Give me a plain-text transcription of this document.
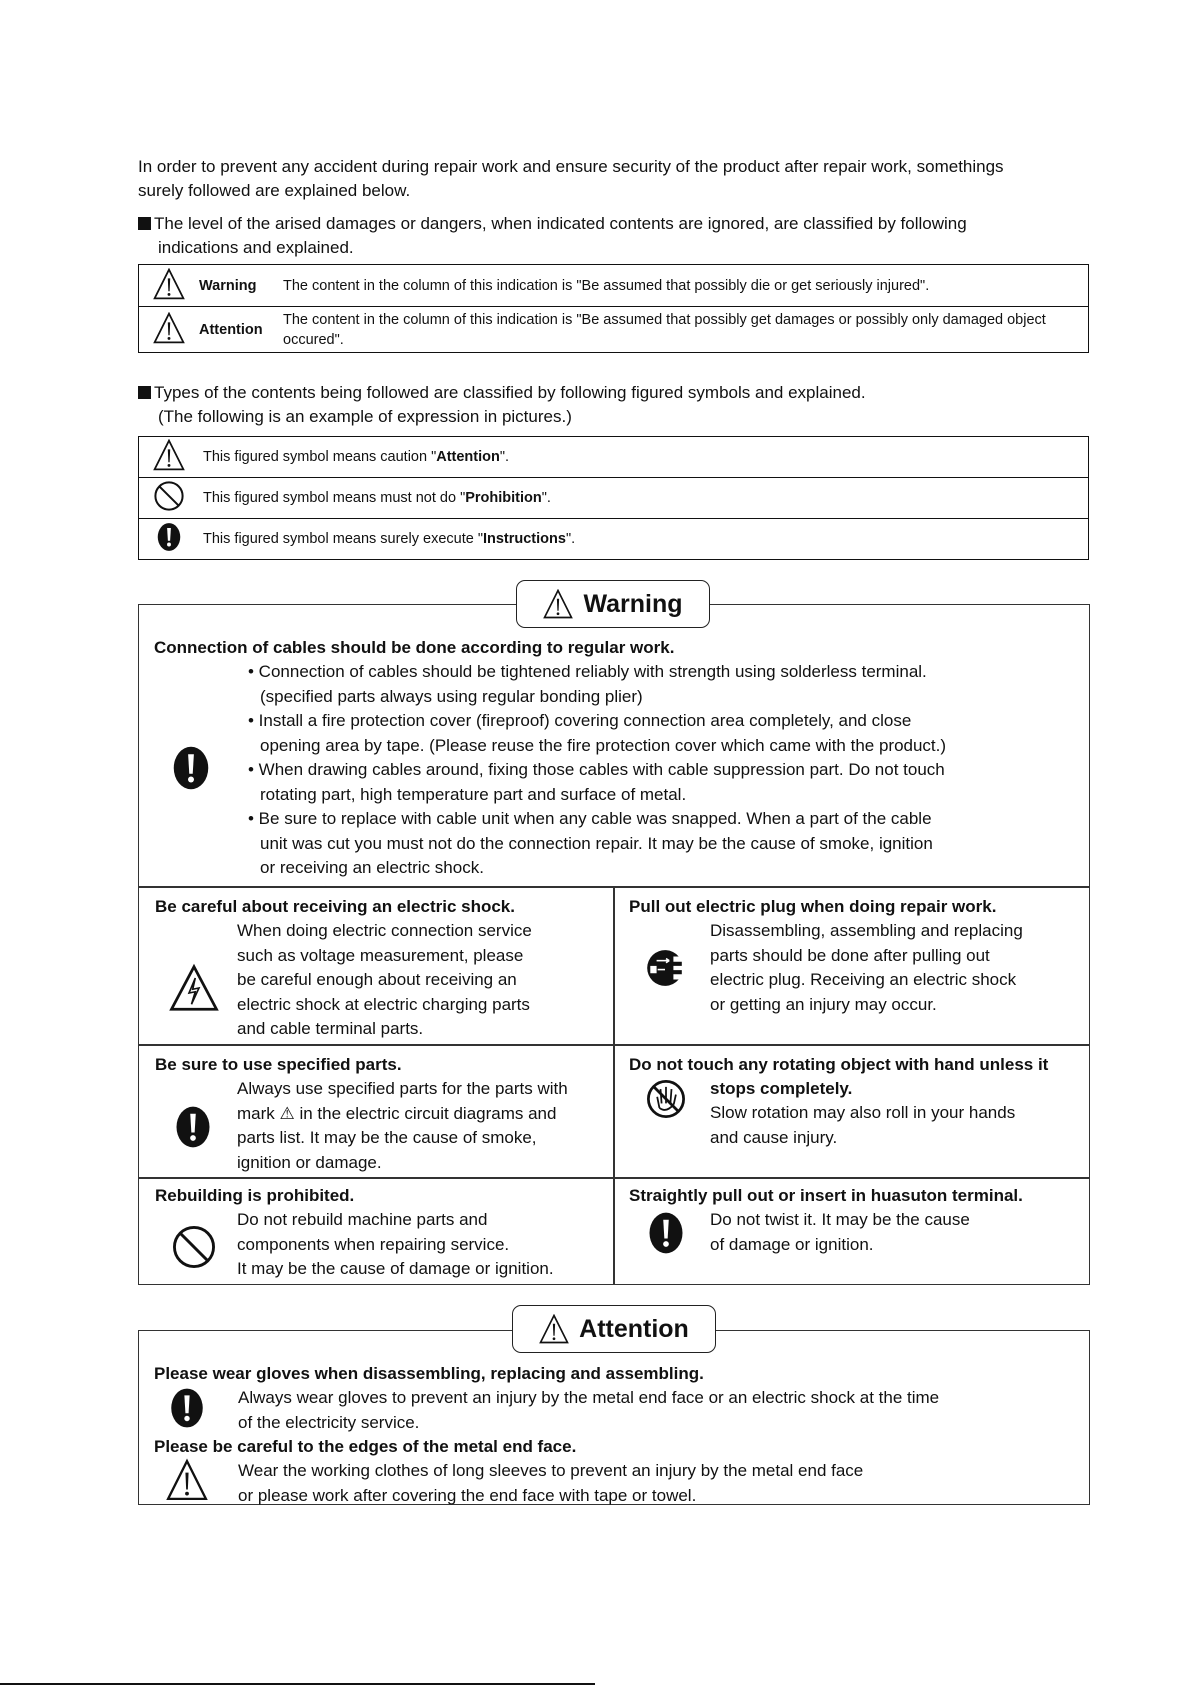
In order to prevent any accident during repair work and ensure security of the product after repair work, somethings
surely followed are explained below.
The level of the arised damages or dangers, when indicated contents are ignored, are classified by following
indications and explained.
	Warning	The content in the column of this indication is "Be assumed that possibly die or get seriously injured".
	Attention	The content in the column of this indication is "Be assumed that possibly get damages or possibly only damaged object occured".
Types of the contents being followed are classified by following figured symbols and explained.
(The following is an example of expression in pictures.)
	This figured symbol means caution "Attention".
	This figured symbol means must not do "Prohibition".
	This figured symbol means surely execute "Instructions".
Warning
Connection of cables should be done according to regular work.
• Connection of cables should be tightened reliably with strength using solderless terminal.
(specified parts always using regular bonding plier)
• Install a fire protection cover (fireproof) covering connection area completely, and close
opening area by tape. (Please reuse the fire protection cover which came with the product.)
• When drawing cables around, fixing those cables with cable suppression part. Do not touch
rotating part, high temperature part and surface of metal.
• Be sure to replace with cable unit when any cable was snapped. When a part of the cable
unit was cut you must not do the connection repair. It may be the cause of smoke, ignition
or receiving an electric shock.
Be careful about receiving an electric shock.
When doing electric connection service
such as voltage measurement, please
be careful enough about receiving an
electric shock at electric charging parts
and cable terminal parts.
Pull out electric plug when doing repair work.
Disassembling, assembling and replacing
parts should be done after pulling out
electric plug. Receiving an electric shock
or getting an injury may occur.
Be sure to use specified parts.
Always use specified parts for the parts with
mark ⚠ in the electric circuit diagrams and
parts list. It may be the cause of smoke,
ignition or damage.
Do not touch any rotating object with hand unless it
stops completely.
Slow rotation may also roll in your hands
and cause injury.
Rebuilding is prohibited.
Do not rebuild machine parts and
components when repairing service.
It may be the cause of damage or ignition.
Straightly pull out or insert in huasuton terminal.
Do not twist it. It may be the cause
of damage or ignition.
Attention
Please wear gloves when disassembling, replacing and assembling.
Always wear gloves to prevent an injury by the metal end face or an electric shock at the time
of the electricity service.
Please be careful to the edges of the metal end face.
Wear the working clothes of long sleeves to prevent an injury by the metal end face
or please work after covering the end face with tape or towel.
